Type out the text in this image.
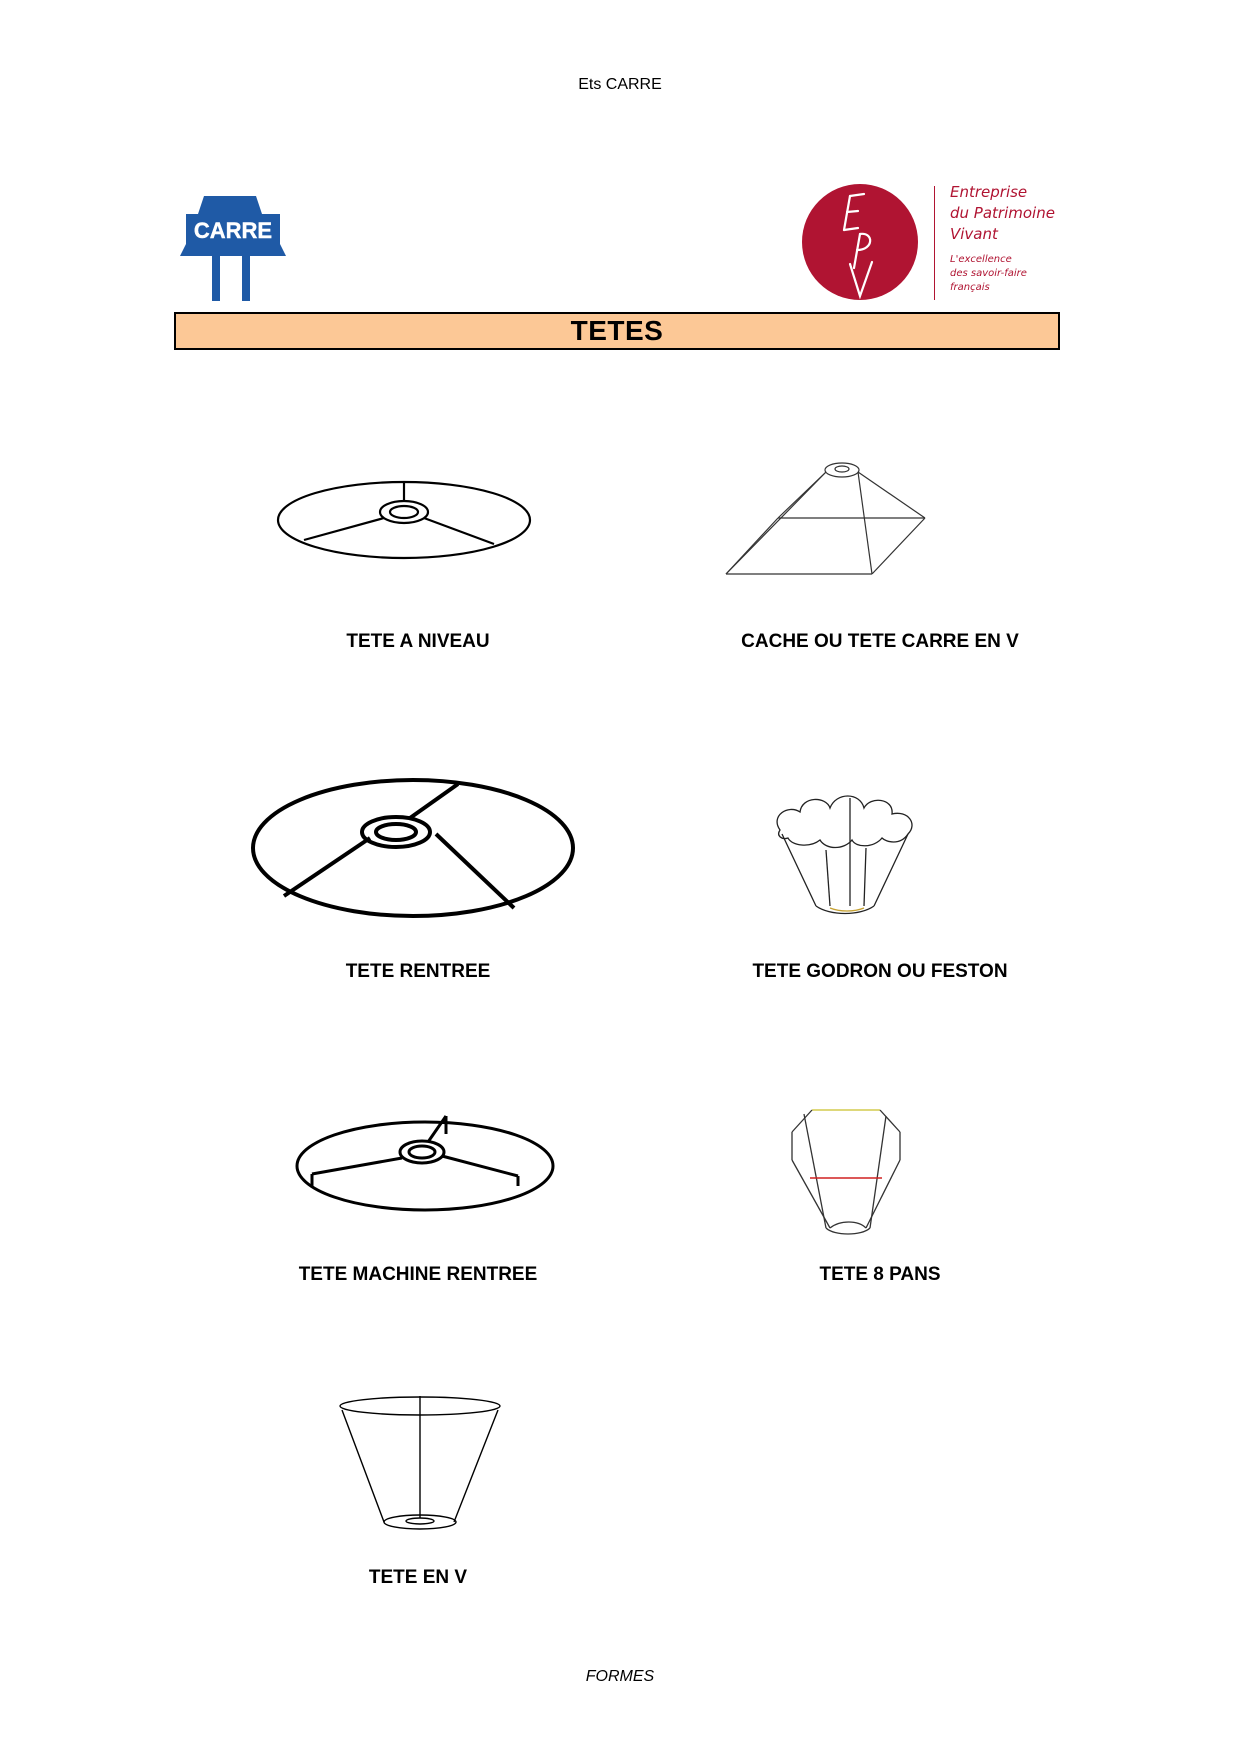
Ets CARRE
CARRE
Entreprise
du Patrimoine
Vivant
L'excellence
des savoir-faire
français
TETES
TETE A NIVEAU	CACHE OU TETE CARRE EN V
TETE RENTREE	TETE GODRON OU FESTON
TETE MACHINE RENTREE	TETE 8 PANS
TETE EN V
FORMES
